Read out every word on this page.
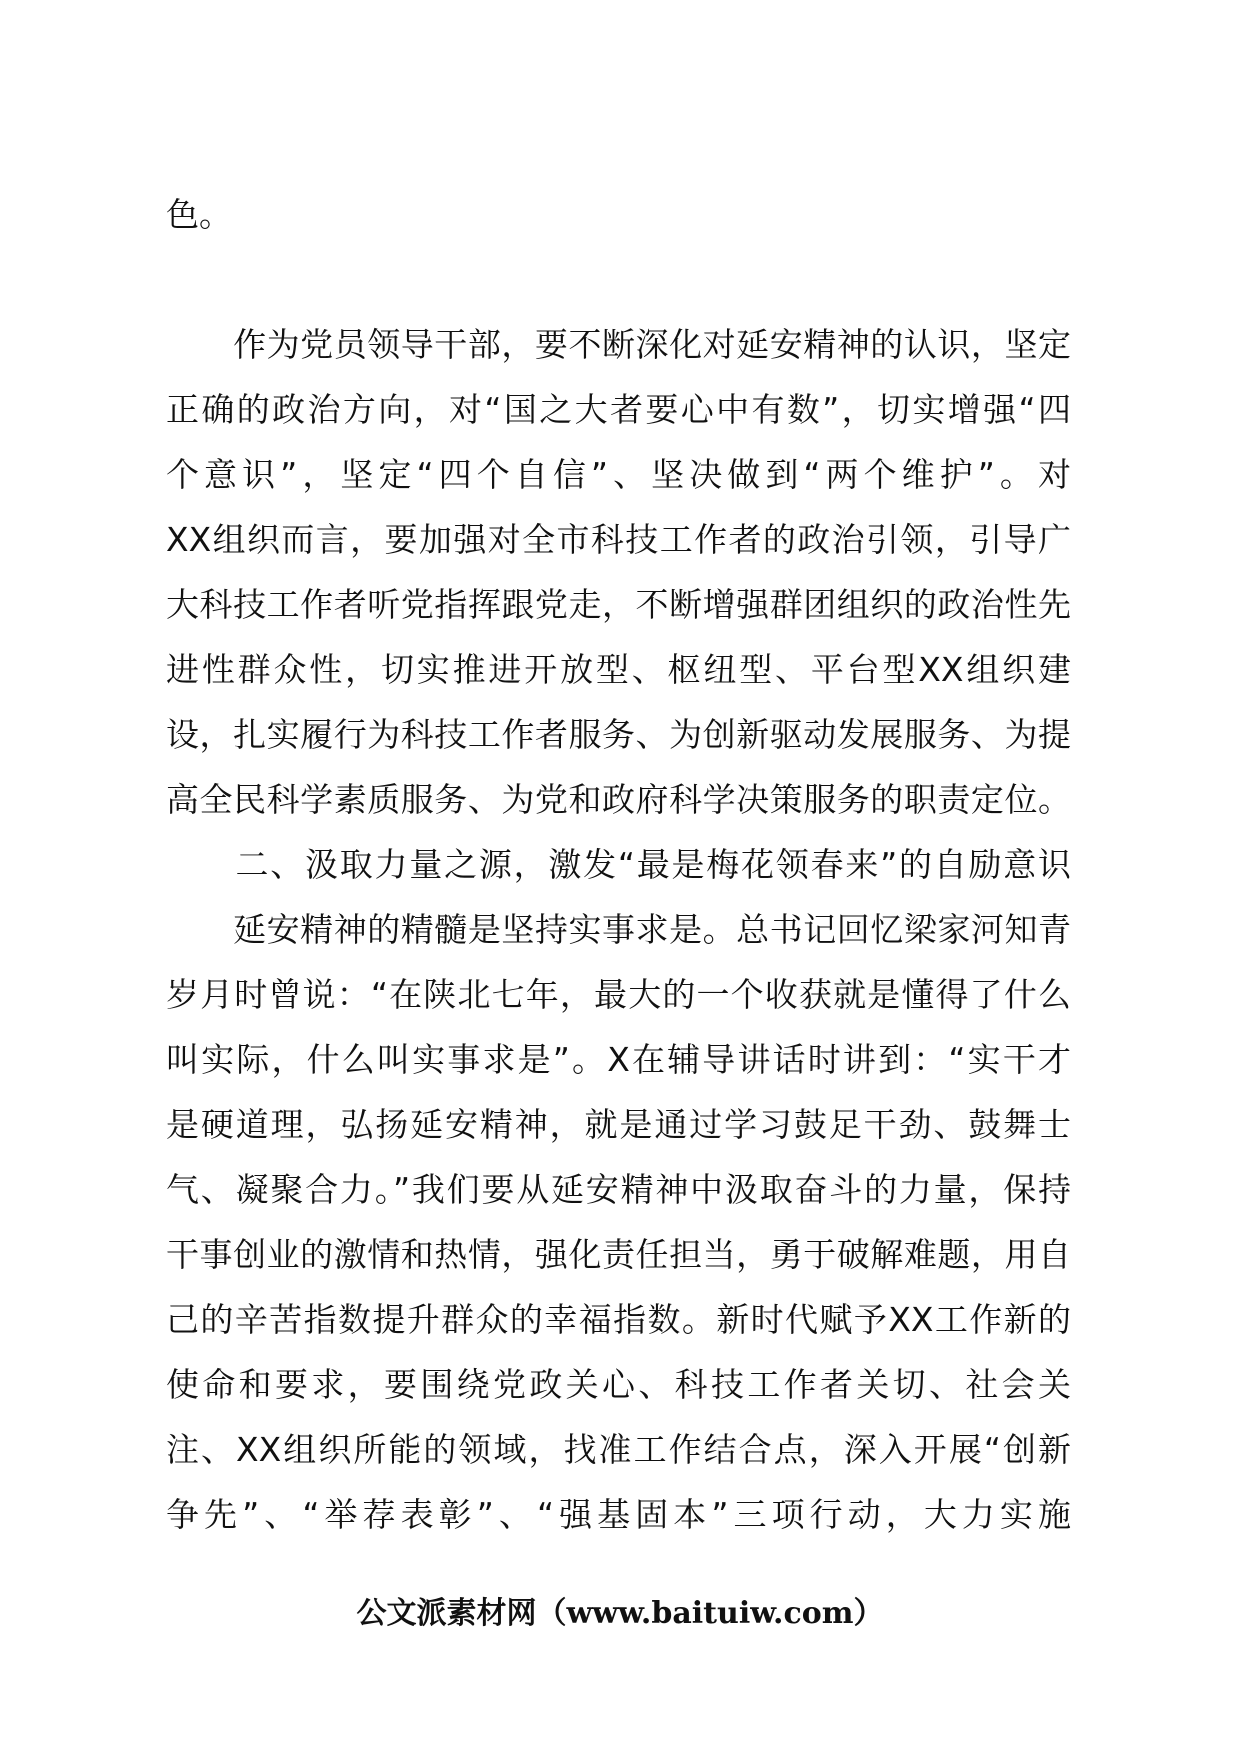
色。
　　作为党员领导干部，要不断深化对延安精神的认识，坚定
正确的政治方向，对“国之大者要心中有数”，切实增强“四
个意识”，坚定“四个自信”、坚决做到“两个维护”。对
XX组织而言，要加强对全市科技工作者的政治引领，引导广
大科技工作者听党指挥跟党走，不断增强群团组织的政治性先
进性群众性，切实推进开放型、枢纽型、平台型XX组织建
设，扎实履行为科技工作者服务、为创新驱动发展服务、为提
高全民科学素质服务、为党和政府科学决策服务的职责定位。
　　二、汲取力量之源，激发“最是梅花领春来”的自励意识
　　延安精神的精髓是坚持实事求是。总书记回忆梁家河知青
岁月时曾说：“在陕北七年，最大的一个收获就是懂得了什么
叫实际，什么叫实事求是”。X在辅导讲话时讲到：“实干才
是硬道理，弘扬延安精神，就是通过学习鼓足干劲、鼓舞士
气、凝聚合力。”我们要从延安精神中汲取奋斗的力量，保持
干事创业的激情和热情，强化责任担当，勇于破解难题，用自
己的辛苦指数提升群众的幸福指数。新时代赋予XX工作新的
使命和要求，要围绕党政关心、科技工作者关切、社会关
注、XX组织所能的领域，找准工作结合点，深入开展“创新
争先”、“举荐表彰”、“强基固本”三项行动，大力实施
公文派素材网（www.baituiw.com）
